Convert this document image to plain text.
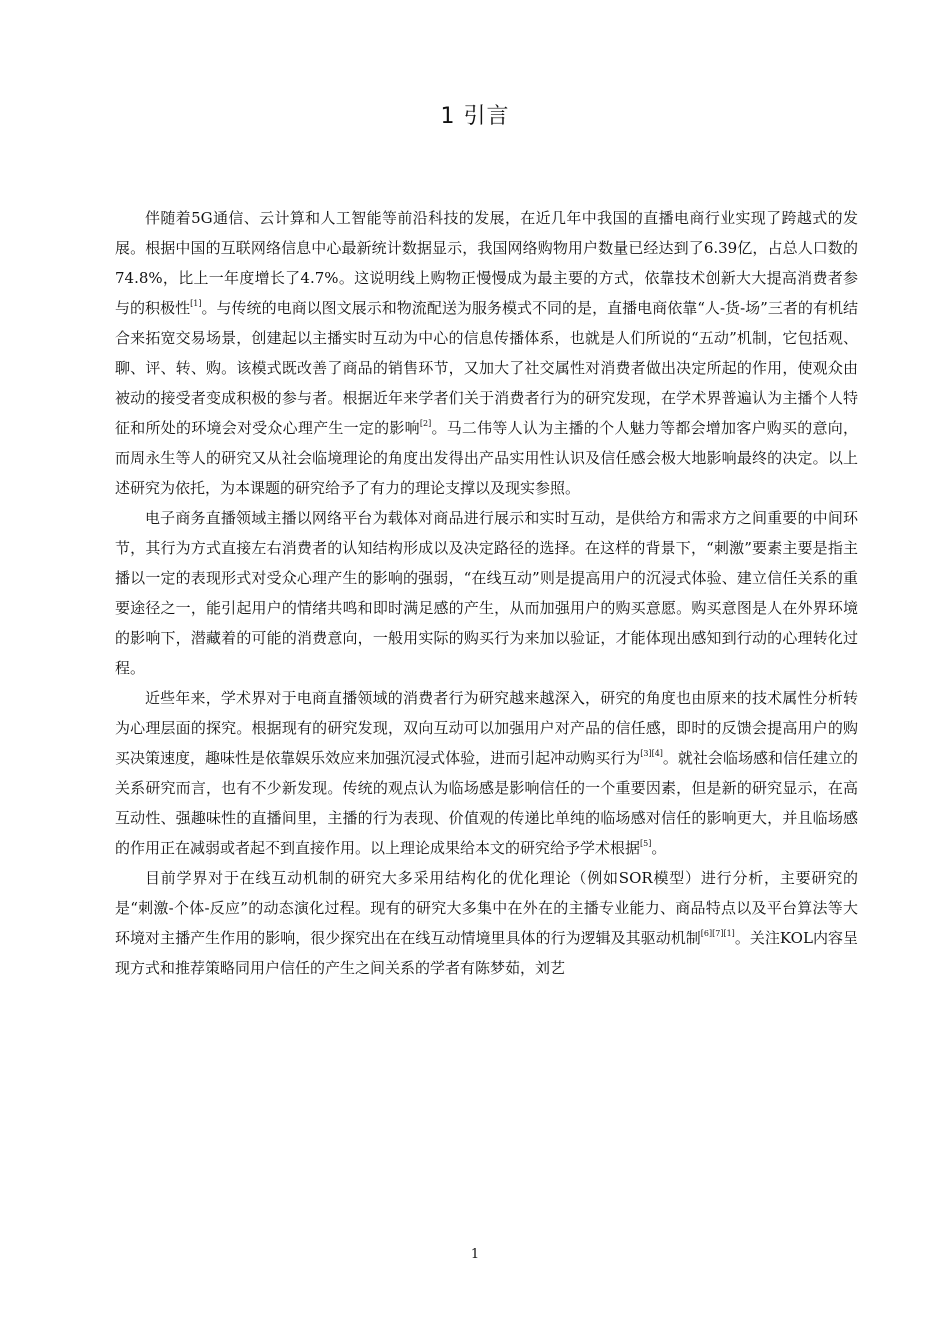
1 引言

伴随着5G通信、云计算和人工智能等前沿科技的发展，在近几年中我国的直播电商行业实现了跨越式的发展。根据中国的互联网络信息中心最新统计数据显示，我国网络购物用户数量已经达到了6.39亿，占总人口数的74.8%，比上一年度增长了4.7%。这说明线上购物正慢慢成为最主要的方式，依靠技术创新大大提高消费者参与的积极性[1]。与传统的电商以图文展示和物流配送为服务模式不同的是，直播电商依靠“人-货-场”三者的有机结合来拓宽交易场景，创建起以主播实时互动为中心的信息传播体系，也就是人们所说的“五动”机制，它包括观、聊、评、转、购。该模式既改善了商品的销售环节，又加大了社交属性对消费者做出决定所起的作用，使观众由被动的接受者变成积极的参与者。根据近年来学者们关于消费者行为的研究发现，在学术界普遍认为主播个人特征和所处的环境会对受众心理产生一定的影响[2]。马二伟等人认为主播的个人魅力等都会增加客户购买的意向，而周永生等人的研究又从社会临境理论的角度出发得出产品实用性认识及信任感会极大地影响最终的决定。以上述研究为依托，为本课题的研究给予了有力的理论支撑以及现实参照。

电子商务直播领域主播以网络平台为载体对商品进行展示和实时互动，是供给方和需求方之间重要的中间环节，其行为方式直接左右消费者的认知结构形成以及决定路径的选择。在这样的背景下，“刺激”要素主要是指主播以一定的表现形式对受众心理产生的影响的强弱，“在线互动”则是提高用户的沉浸式体验、建立信任关系的重要途径之一，能引起用户的情绪共鸣和即时满足感的产生，从而加强用户的购买意愿。购买意图是人在外界环境的影响下，潜藏着的可能的消费意向，一般用实际的购买行为来加以验证，才能体现出感知到行动的心理转化过程。

近些年来，学术界对于电商直播领域的消费者行为研究越来越深入，研究的角度也由原来的技术属性分析转为心理层面的探究。根据现有的研究发现，双向互动可以加强用户对产品的信任感，即时的反馈会提高用户的购买决策速度，趣味性是依靠娱乐效应来加强沉浸式体验，进而引起冲动购买行为[3][4]。就社会临场感和信任建立的关系研究而言，也有不少新发现。传统的观点认为临场感是影响信任的一个重要因素，但是新的研究显示，在高互动性、强趣味性的直播间里，主播的行为表现、价值观的传递比单纯的临场感对信任的影响更大，并且临场感的作用正在减弱或者起不到直接作用。以上理论成果给本文的研究给予学术根据[5]。

目前学界对于在线互动机制的研究大多采用结构化的优化理论（例如SOR模型）进行分析，主要研究的是“刺激-个体-反应”的动态演化过程。现有的研究大多集中在外在的主播专业能力、商品特点以及平台算法等大环境对主播产生作用的影响，很少探究出在在线互动情境里具体的行为逻辑及其驱动机制[6][7][1]。关注KOL内容呈现方式和推荐策略同用户信任的产生之间关系的学者有陈梦茹，刘艺

1
